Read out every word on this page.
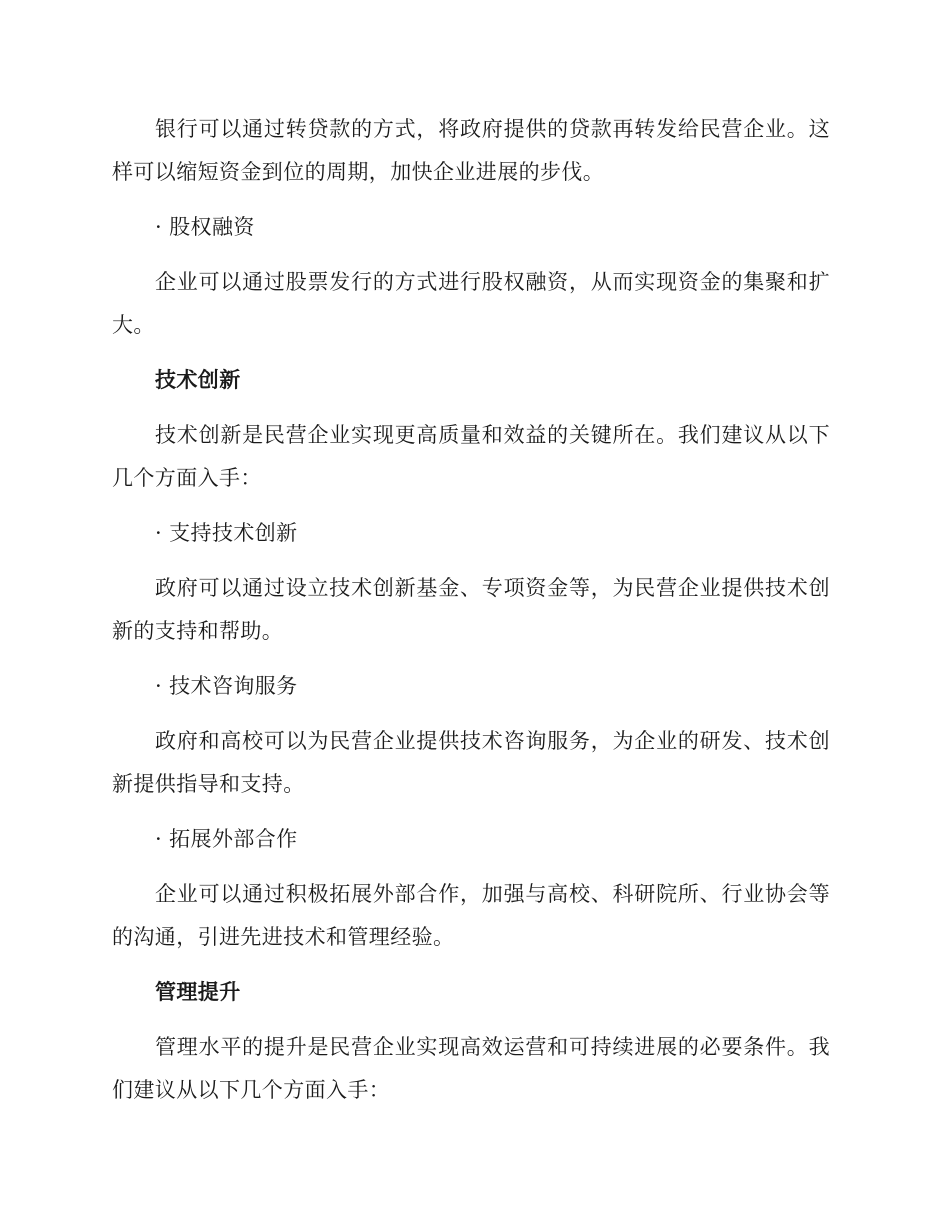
银行可以通过转贷款的方式，将政府提供的贷款再转发给民营企业。这样可以缩短资金到位的周期，加快企业进展的步伐。

· 股权融资

企业可以通过股票发行的方式进行股权融资，从而实现资金的集聚和扩大。

技术创新

技术创新是民营企业实现更高质量和效益的关键所在。我们建议从以下几个方面入手：

· 支持技术创新

政府可以通过设立技术创新基金、专项资金等，为民营企业提供技术创新的支持和帮助。

· 技术咨询服务

政府和高校可以为民营企业提供技术咨询服务，为企业的研发、技术创新提供指导和支持。

· 拓展外部合作

企业可以通过积极拓展外部合作，加强与高校、科研院所、行业协会等的沟通，引进先进技术和管理经验。

管理提升

管理水平的提升是民营企业实现高效运营和可持续进展的必要条件。我们建议从以下几个方面入手：
